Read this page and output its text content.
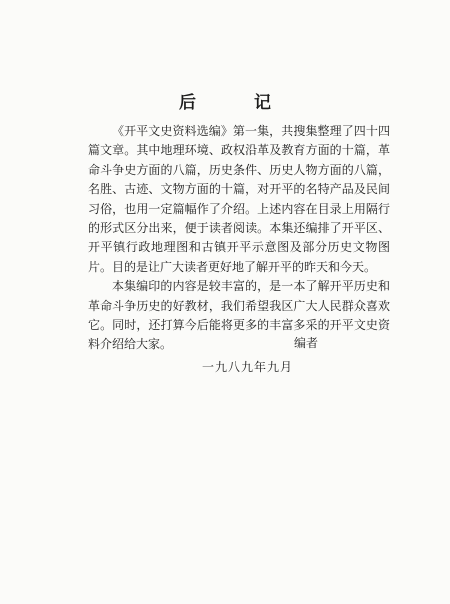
后记

《开平文史资料选编》第一集，共搜集整理了四十四篇文章。其中地理环境、政权沿革及教育方面的十篇，革命斗争史方面的八篇，历史条件、历史人物方面的八篇，名胜、古迹、文物方面的十篇，对开平的名特产品及民间习俗，也用一定篇幅作了介绍。上述内容在目录上用隔行的形式区分出来，便于读者阅读。本集还编排了开平区、开平镇行政地理图和古镇开平示意图及部分历史文物图片。目的是让广大读者更好地了解开平的昨天和今天。

本集编印的内容是较丰富的，是一本了解开平历史和革命斗争历史的好教材，我们希望我区广大人民群众喜欢它。同时，还打算今后能将更多的丰富多采的开平文史资料介绍给大家。	编者
一九八九年九月
